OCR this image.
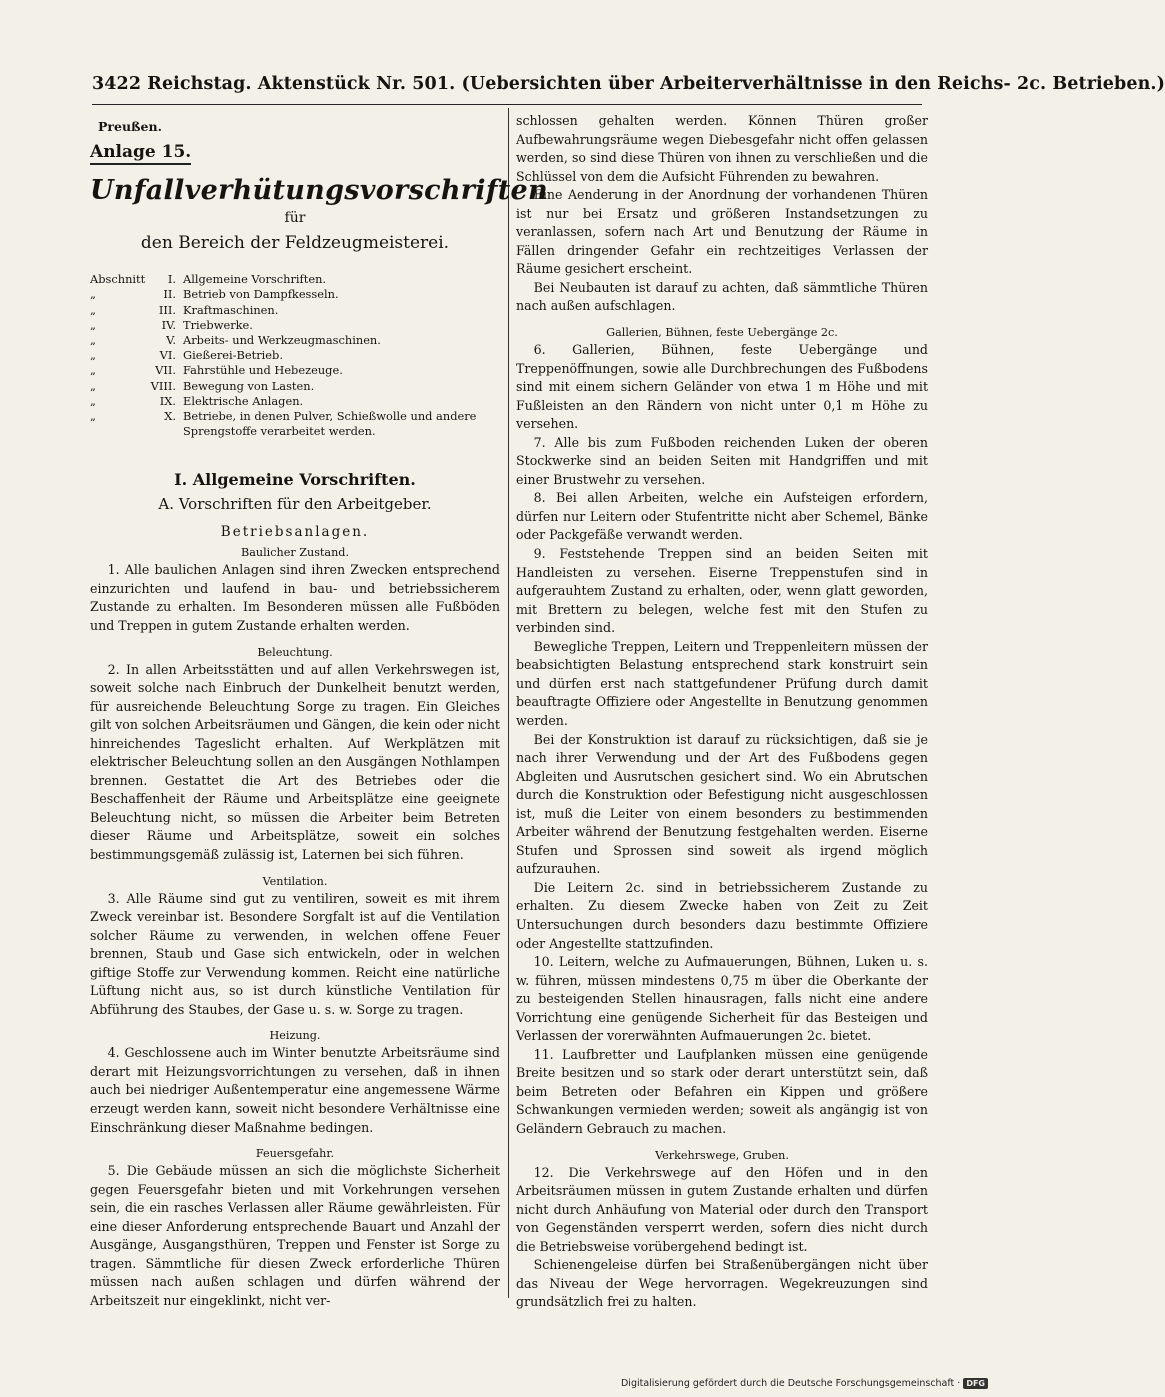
3422 Reichstag. Aktenstück Nr. 501. (Uebersichten über Arbeiterverhältnisse in den Reichs- 2c. Betrieben.)
Preußen.
Anlage 15.
Unfallverhütungsvorschriften
für
den Bereich der Feldzeugmeisterei.
Abschnitt	I. Allgemeine Vorschriften.
„	II. Betrieb von Dampfkesseln.
„	III. Kraftmaschinen.
„	IV. Triebwerke.
„	V. Arbeits- und Werkzeugmaschinen.
„	VI. Gießerei-Betrieb.
„	VII. Fahrstühle und Hebezeuge.
„	VIII. Bewegung von Lasten.
„	IX. Elektrische Anlagen.
„	X. Betriebe, in denen Pulver, Schießwolle und andere Sprengstoffe verarbeitet werden.
I. Allgemeine Vorschriften.
A. Vorschriften für den Arbeitgeber.
Betriebsanlagen.
Baulicher Zustand.

1. Alle baulichen Anlagen sind ihren Zwecken entsprechend einzurichten und laufend in bau- und betriebssicherem Zustande zu erhalten. Im Besonderen müssen alle Fußböden und Treppen in gutem Zustande erhalten werden.

Beleuchtung.

2. In allen Arbeitsstätten und auf allen Verkehrswegen ist, soweit solche nach Einbruch der Dunkelheit benutzt werden, für ausreichende Beleuchtung Sorge zu tragen. Ein Gleiches gilt von solchen Arbeitsräumen und Gängen, die kein oder nicht hinreichendes Tageslicht erhalten. Auf Werkplätzen mit elektrischer Beleuchtung sollen an den Ausgängen Nothlampen brennen. Gestattet die Art des Betriebes oder die Beschaffenheit der Räume und Arbeitsplätze eine geeignete Beleuchtung nicht, so müssen die Arbeiter beim Betreten dieser Räume und Arbeitsplätze, soweit ein solches bestimmungsgemäß zulässig ist, Laternen bei sich führen.

Ventilation.

3. Alle Räume sind gut zu ventiliren, soweit es mit ihrem Zweck vereinbar ist. Besondere Sorgfalt ist auf die Ventilation solcher Räume zu verwenden, in welchen offene Feuer brennen, Staub und Gase sich entwickeln, oder in welchen giftige Stoffe zur Verwendung kommen. Reicht eine natürliche Lüftung nicht aus, so ist durch künstliche Ventilation für Abführung des Staubes, der Gase u. s. w. Sorge zu tragen.

Heizung.

4. Geschlossene auch im Winter benutzte Arbeitsräume sind derart mit Heizungsvorrichtungen zu versehen, daß in ihnen auch bei niedriger Außentemperatur eine angemessene Wärme erzeugt werden kann, soweit nicht besondere Verhältnisse eine Einschränkung dieser Maßnahme bedingen.

Feuersgefahr.

5. Die Gebäude müssen an sich die möglichste Sicherheit gegen Feuersgefahr bieten und mit Vorkehrungen versehen sein, die ein rasches Verlassen aller Räume gewährleisten. Für eine dieser Anforderung entsprechende Bauart und Anzahl der Ausgänge, Ausgangsthüren, Treppen und Fenster ist Sorge zu tragen. Sämmtliche für diesen Zweck erforderliche Thüren müssen nach außen schlagen und dürfen während der Arbeitszeit nur eingeklinkt, nicht ver-

schlossen gehalten werden. Können Thüren großer Aufbewahrungsräume wegen Diebesgefahr nicht offen gelassen werden, so sind diese Thüren von ihnen zu verschließen und die Schlüssel von dem die Aufsicht Führenden zu bewahren.

Eine Aenderung in der Anordnung der vorhandenen Thüren ist nur bei Ersatz und größeren Instandsetzungen zu veranlassen, sofern nach Art und Benutzung der Räume in Fällen dringender Gefahr ein rechtzeitiges Verlassen der Räume gesichert erscheint.

Bei Neubauten ist darauf zu achten, daß sämmtliche Thüren nach außen aufschlagen.

Gallerien, Bühnen, feste Uebergänge 2c.

6. Gallerien, Bühnen, feste Uebergänge und Treppenöffnungen, sowie alle Durchbrechungen des Fußbodens sind mit einem sichern Geländer von etwa 1 m Höhe und mit Fußleisten an den Rändern von nicht unter 0,1 m Höhe zu versehen.

7. Alle bis zum Fußboden reichenden Luken der oberen Stockwerke sind an beiden Seiten mit Handgriffen und mit einer Brustwehr zu versehen.

8. Bei allen Arbeiten, welche ein Aufsteigen erfordern, dürfen nur Leitern oder Stufentritte nicht aber Schemel, Bänke oder Packgefäße verwandt werden.

9. Feststehende Treppen sind an beiden Seiten mit Handleisten zu versehen. Eiserne Treppenstufen sind in aufgerauhtem Zustand zu erhalten, oder, wenn glatt geworden, mit Brettern zu belegen, welche fest mit den Stufen zu verbinden sind.

Bewegliche Treppen, Leitern und Treppenleitern müssen der beabsichtigten Belastung entsprechend stark konstruirt sein und dürfen erst nach stattgefundener Prüfung durch damit beauftragte Offiziere oder Angestellte in Benutzung genommen werden.

Bei der Konstruktion ist darauf zu rücksichtigen, daß sie je nach ihrer Verwendung und der Art des Fußbodens gegen Abgleiten und Ausrutschen gesichert sind. Wo ein Abrutschen durch die Konstruktion oder Befestigung nicht ausgeschlossen ist, muß die Leiter von einem besonders zu bestimmenden Arbeiter während der Benutzung festgehalten werden. Eiserne Stufen und Sprossen sind soweit als irgend möglich aufzurauhen.

Die Leitern 2c. sind in betriebssicherem Zustande zu erhalten. Zu diesem Zwecke haben von Zeit zu Zeit Untersuchungen durch besonders dazu bestimmte Offiziere oder Angestellte stattzufinden.

10. Leitern, welche zu Aufmauerungen, Bühnen, Luken u. s. w. führen, müssen mindestens 0,75 m über die Oberkante der zu besteigenden Stellen hinausragen, falls nicht eine andere Vorrichtung eine genügende Sicherheit für das Besteigen und Verlassen der vorerwähnten Aufmauerungen 2c. bietet.

11. Laufbretter und Laufplanken müssen eine genügende Breite besitzen und so stark oder derart unterstützt sein, daß beim Betreten oder Befahren ein Kippen und größere Schwankungen vermieden werden; soweit als angängig ist von Geländern Gebrauch zu machen.

Verkehrswege, Gruben.

12. Die Verkehrswege auf den Höfen und in den Arbeitsräumen müssen in gutem Zustande erhalten und dürfen nicht durch Anhäufung von Material oder durch den Transport von Gegenständen versperrt werden, sofern dies nicht durch die Betriebsweise vorübergehend bedingt ist.

Schienengeleise dürfen bei Straßenübergängen nicht über das Niveau der Wege hervorragen. Wegekreuzungen sind grundsätzlich frei zu halten.

Digitalisierung gefördert durch die Deutsche Forschungsgemeinschaft · DFG
